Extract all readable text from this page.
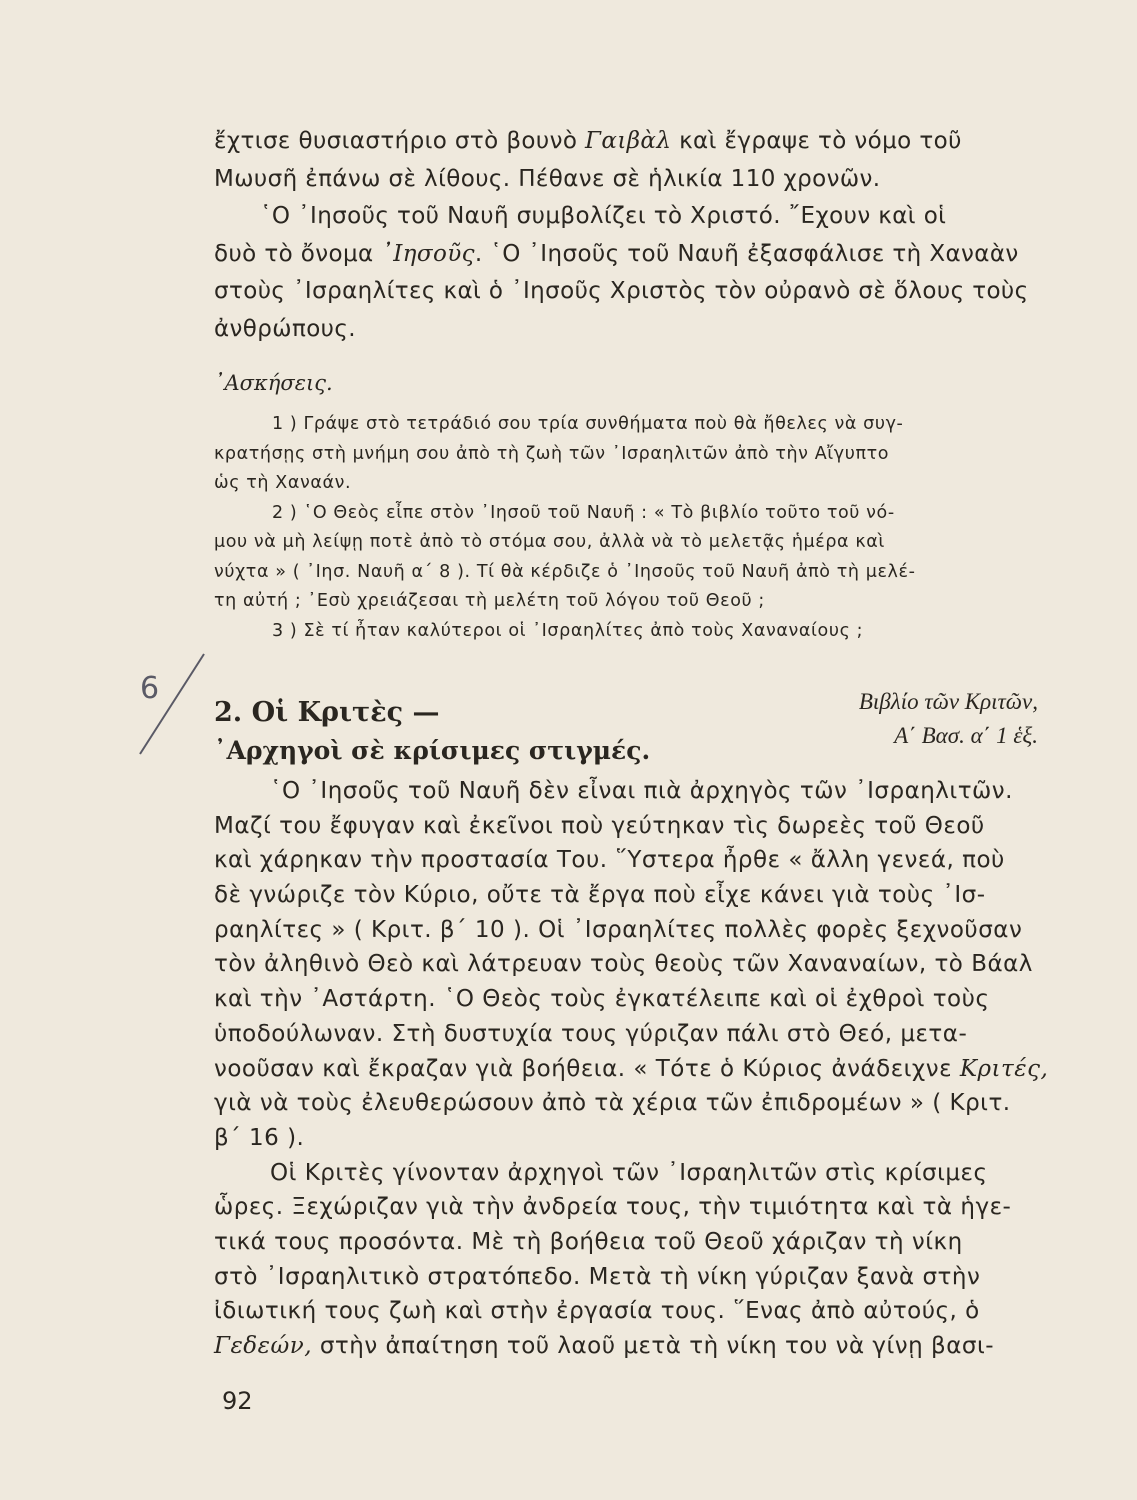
ἔχτισε θυσιαστήριο στὸ βουνὸ Γαιβὰλ καὶ ἔγραψε τὸ νόμο τοῦ
Μωυσῆ ἐπάνω σὲ λίθους. Πέθανε σὲ ἡλικία 110 χρονῶν.
῾Ο ᾿Ιησοῦς τοῦ Ναυῆ συμβολίζει τὸ Χριστό. ῎Εχουν καὶ οἱ
δυὸ τὸ ὄνομα ᾿Ιησοῦς. ῾Ο ᾿Ιησοῦς τοῦ Ναυῆ ἐξασφάλισε τὴ Χαναὰν
στοὺς ᾿Ισραηλίτες καὶ ὁ ᾿Ιησοῦς Χριστὸς τὸν οὐρανὸ σὲ ὅλους τοὺς
ἀνθρώπους.
᾿Ασκήσεις.
1 ) Γράψε στὸ τετράδιό σου τρία συνθήματα ποὺ θὰ ἤθελες νὰ συγ-
κρατήσῃς στὴ μνήμη σου ἀπὸ τὴ ζωὴ τῶν ᾿Ισραηλιτῶν ἀπὸ τὴν Αἴγυπτο
ὡς τὴ Χαναάν.
2 ) ῾Ο Θεὸς εἶπε στὸν ᾿Ιησοῦ τοῦ Ναυῆ : « Τὸ βιβλίο τοῦτο τοῦ νό-
μου νὰ μὴ λείψῃ ποτὲ ἀπὸ τὸ στόμα σου, ἀλλὰ νὰ τὸ μελετᾷς ἡμέρα καὶ
νύχτα » ( ᾿Ιησ. Ναυῆ α΄ 8 ). Τί θὰ κέρδιζε ὁ ᾿Ιησοῦς τοῦ Ναυῆ ἀπὸ τὴ μελέ-
τη αὐτή ; ᾿Εσὺ χρειάζεσαι τὴ μελέτη τοῦ λόγου τοῦ Θεοῦ ;
3 ) Σὲ τί ἦταν καλύτεροι οἱ ᾿Ισραηλίτες ἀπὸ τοὺς Χαναναίους ;
6
2. Οἱ Κριτὲς —
᾿Αρχηγοὶ σὲ κρίσιμες στιγμές.
Βιβλίο τῶν Κριτῶν,
Α΄ Βασ. α΄ 1 ἑξ.
῾Ο ᾿Ιησοῦς τοῦ Ναυῆ δὲν εἶναι πιὰ ἀρχηγὸς τῶν ᾿Ισραηλιτῶν.
Μαζί του ἔφυγαν καὶ ἐκεῖνοι ποὺ γεύτηκαν τὶς δωρεὲς τοῦ Θεοῦ
καὶ χάρηκαν τὴν προστασία Του. ῞Υστερα ἦρθε « ἄλλη γενεά, ποὺ
δὲ γνώριζε τὸν Κύριο, οὔτε τὰ ἔργα ποὺ εἶχε κάνει γιὰ τοὺς ᾿Ισ-
ραηλίτες » ( Κριτ. β΄ 10 ). Οἱ ᾿Ισραηλίτες πολλὲς φορὲς ξεχνοῦσαν
τὸν ἀληθινὸ Θεὸ καὶ λάτρευαν τοὺς θεοὺς τῶν Χαναναίων, τὸ Βάαλ
καὶ τὴν ᾿Αστάρτη. ῾Ο Θεὸς τοὺς ἐγκατέλειπε καὶ οἱ ἐχθροὶ τοὺς
ὑποδούλωναν. Στὴ δυστυχία τους γύριζαν πάλι στὸ Θεό, μετα-
νοοῦσαν καὶ ἔκραζαν γιὰ βοήθεια. « Τότε ὁ Κύριος ἀνάδειχνε Κριτές,
γιὰ νὰ τοὺς ἐλευθερώσουν ἀπὸ τὰ χέρια τῶν ἐπιδρομέων » ( Κριτ.
β΄ 16 ).
Οἱ Κριτὲς γίνονταν ἀρχηγοὶ τῶν ᾿Ισραηλιτῶν στὶς κρίσιμες
ὧρες. Ξεχώριζαν γιὰ τὴν ἀνδρεία τους, τὴν τιμιότητα καὶ τὰ ἡγε-
τικά τους προσόντα. Μὲ τὴ βοήθεια τοῦ Θεοῦ χάριζαν τὴ νίκη
στὸ ᾿Ισραηλιτικὸ στρατόπεδο. Μετὰ τὴ νίκη γύριζαν ξανὰ στὴν
ἰδιωτική τους ζωὴ καὶ στὴν ἐργασία τους. ῞Ενας ἀπὸ αὐτούς, ὁ
Γεδεών, στὴν ἀπαίτηση τοῦ λαοῦ μετὰ τὴ νίκη του νὰ γίνῃ βασι-
92
